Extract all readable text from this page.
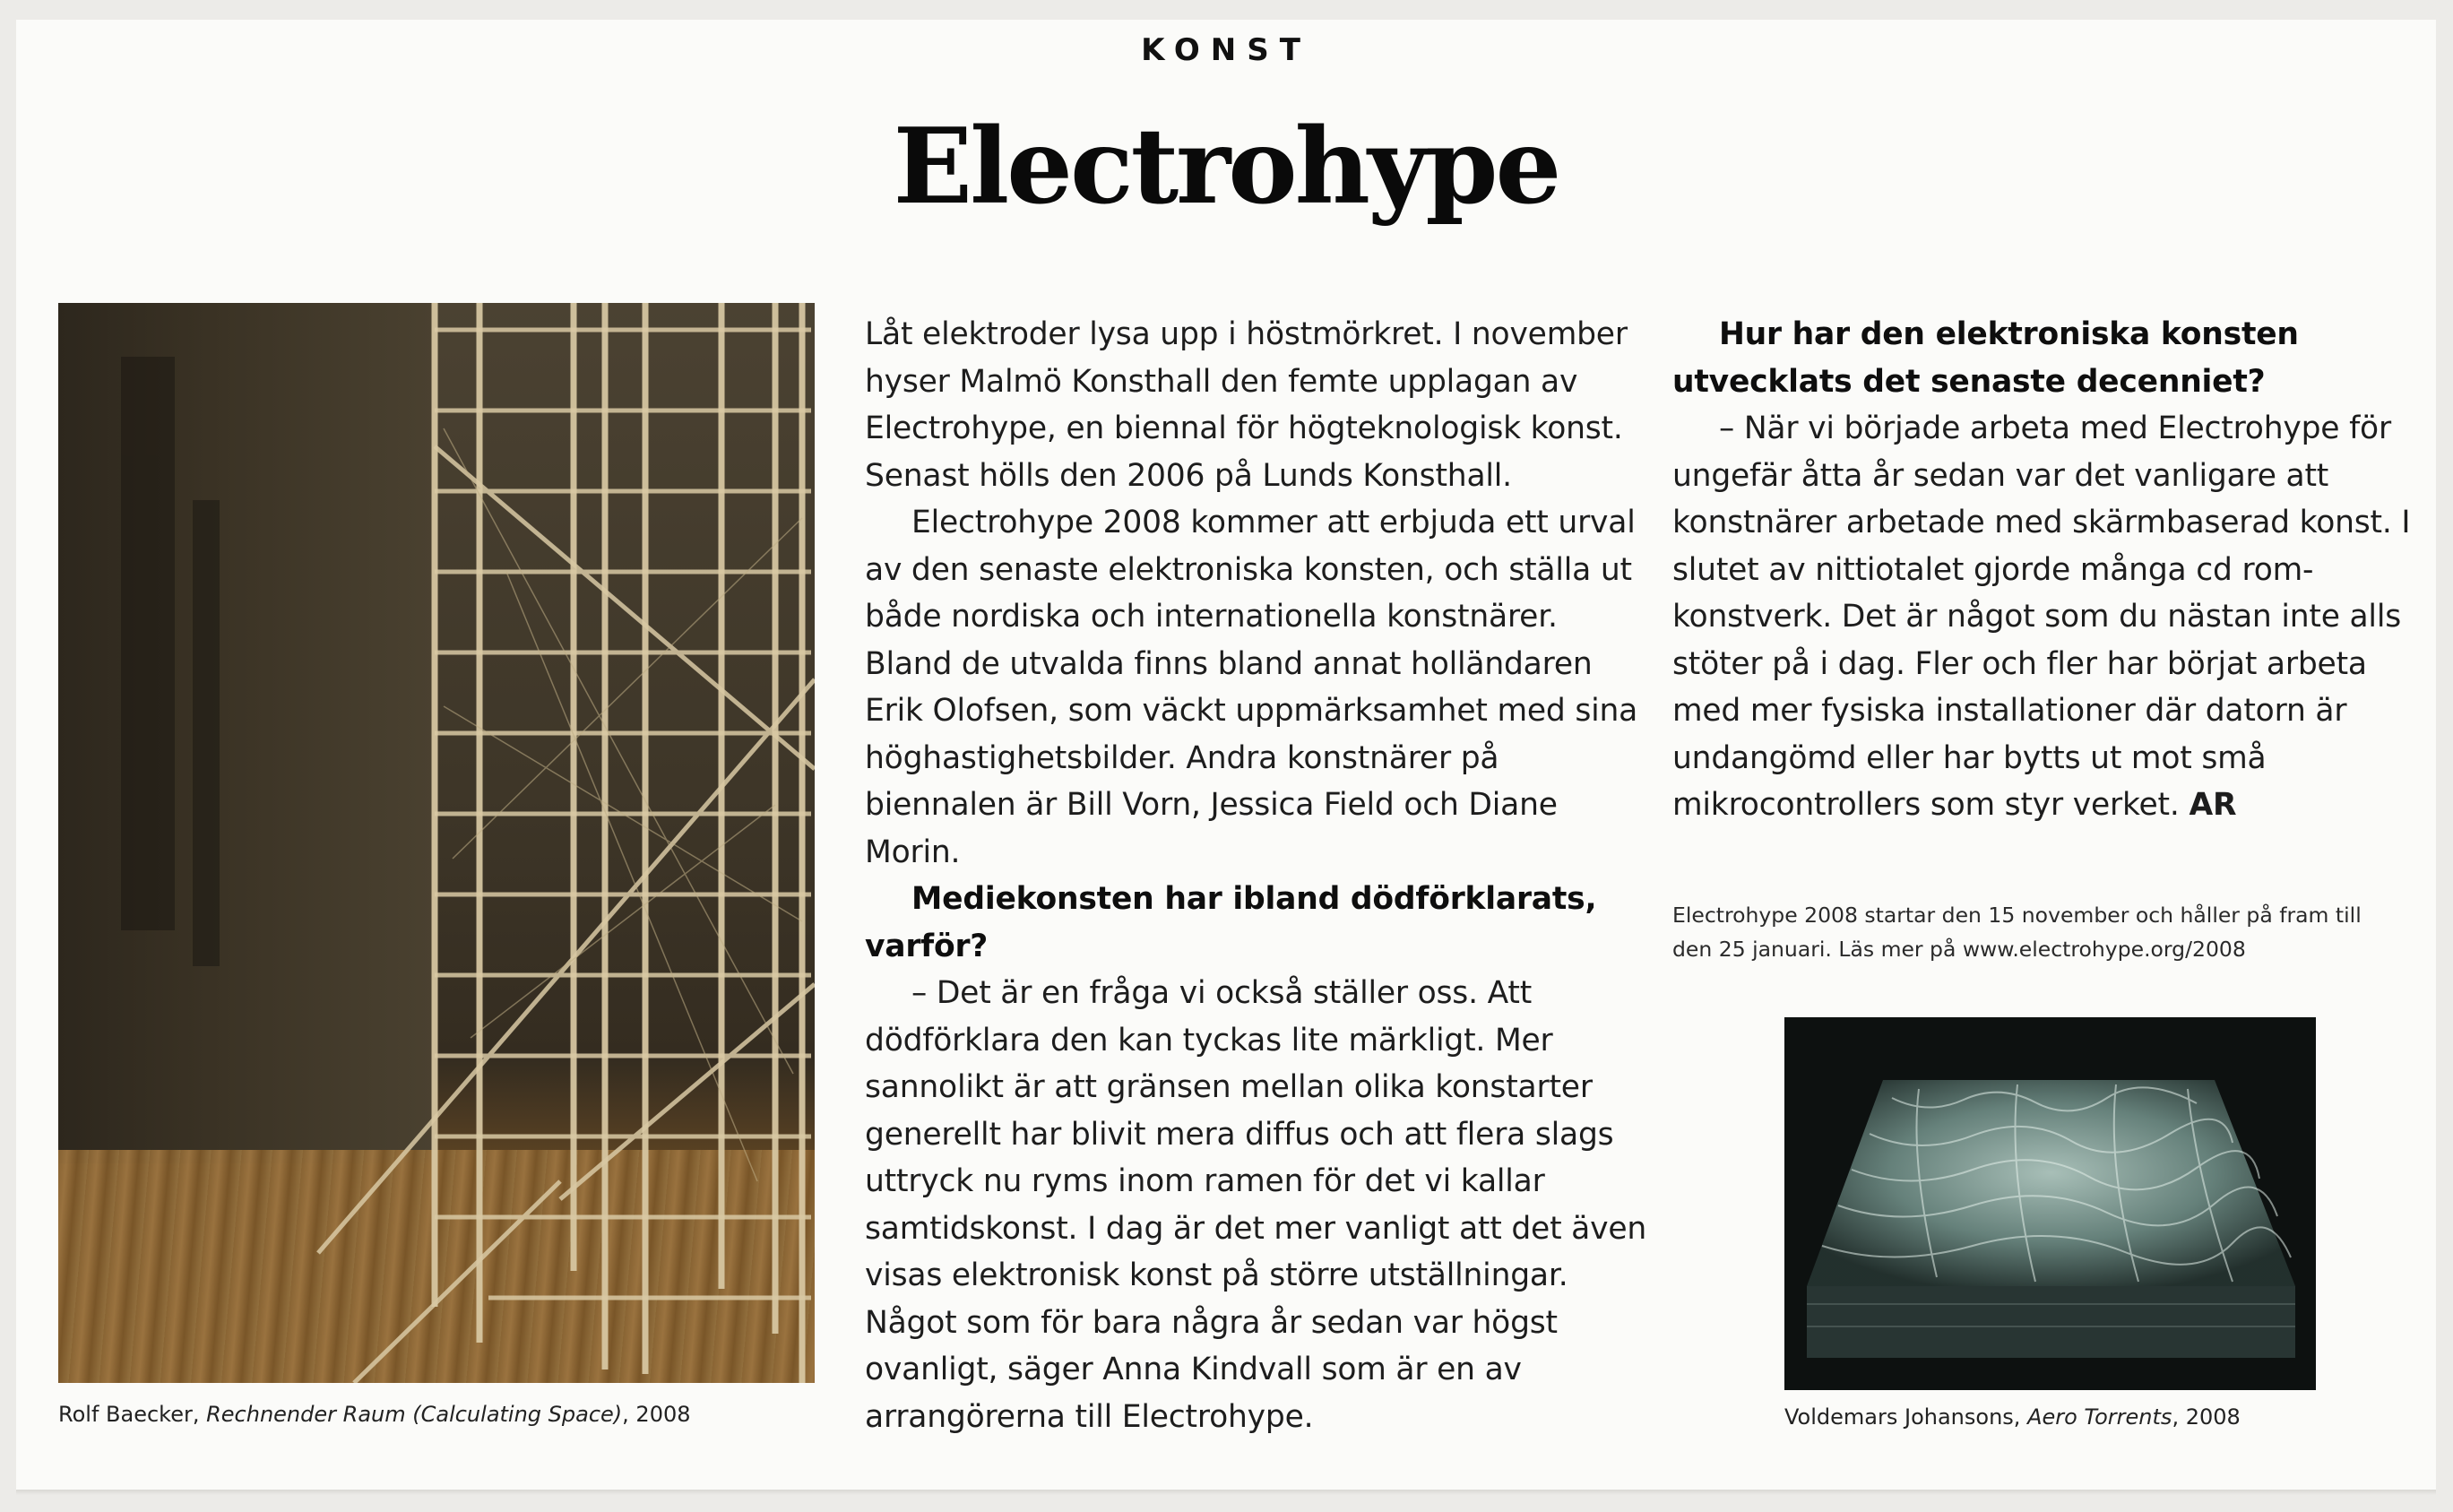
KONST
Electrohype
Rolf Baecker, Rechnender Raum (Calculating Space), 2008

Låt elektroder lysa upp i höstmörkret. I november hyser Malmö Konsthall den femte upplagan av Electrohype, en biennal för högteknologisk konst. Senast hölls den 2006 på Lunds Konsthall.

Electrohype 2008 kommer att erbjuda ett urval av den senaste elektroniska konsten, och ställa ut både nordiska och internationella konstnärer. Bland de utvalda finns bland annat holländaren Erik Olofsen, som väckt uppmärksamhet med sina höghastighetsbilder. Andra konstnärer på biennalen är Bill Vorn, Jessica Field och Diane Morin.

Mediekonsten har ibland dödförklarats, varför?

– Det är en fråga vi också ställer oss. Att dödförklara den kan tyckas lite märkligt. Mer sannolikt är att gränsen mellan olika konstarter generellt har blivit mera diffus och att flera slags uttryck nu ryms inom ramen för det vi kallar samtidskonst. I dag är det mer vanligt att det även visas elektronisk konst på större utställningar. Något som för bara några år sedan var högst ovanligt, säger Anna Kindvall som är en av arrangörerna till Electrohype.

Hur har den elektroniska konsten utvecklats det senaste decenniet?

– När vi började arbeta med Electrohype för ungefär åtta år sedan var det vanligare att konstnärer arbetade med skärmbaserad konst. I slutet av nittiotalet gjorde många cd rom-konstverk. Det är något som du nästan inte alls stöter på i dag. Fler och fler har börjat arbeta med mer fysiska installationer där datorn är undangömd eller har bytts ut mot små mikrocontrollers som styr verket. AR

Electrohype 2008 startar den 15 november och håller på fram till den 25 januari. Läs mer på www.electrohype.org/2008
Voldemars Johansons, Aero Torrents, 2008
